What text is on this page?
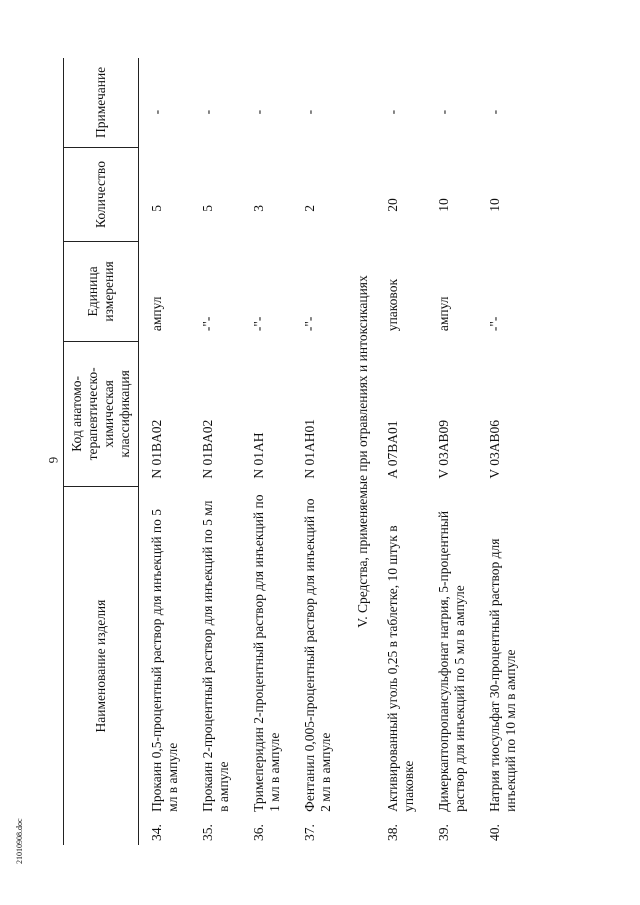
6
21010908.doc
Наименование изделия		Код анатомо-терапевтическо-химическая классификация	Единица измерения	Количество	Примечание
34.	Прокаин 0,5-процентный раствор для инъекций по 5 мл в ампуле	N 01BA02	ампул	5	-
35.	Прокаин 2-процентный раствор для инъекций по 5 мл в ампуле	N 01BA02	-"-	5	-
36.	Тримеперидин 2-процентный раствор для инъекций по 1 мл в ампуле	N 01AH	-"-	3	-
37.	Фентанил 0,005-процентный раствор для инъекций по 2 мл в ампуле	N 01AH01	-"-	2	-
V. Средства, применяемые при отравлениях и интоксикациях					
38.	Активированный уголь 0,25 в таблетке, 10 штук в упаковке	A 07BA01	упаковок	20	-
39.	Димеркаптопропансульфонат натрия, 5-процентный раствор для инъекций по 5 мл в ампуле	V 03AB09	ампул	10	-
40.	Натрия тиосульфат 30-процентный раствор для инъекций по 10 мл в ампуле	V 03AB06	-"-	10	-
